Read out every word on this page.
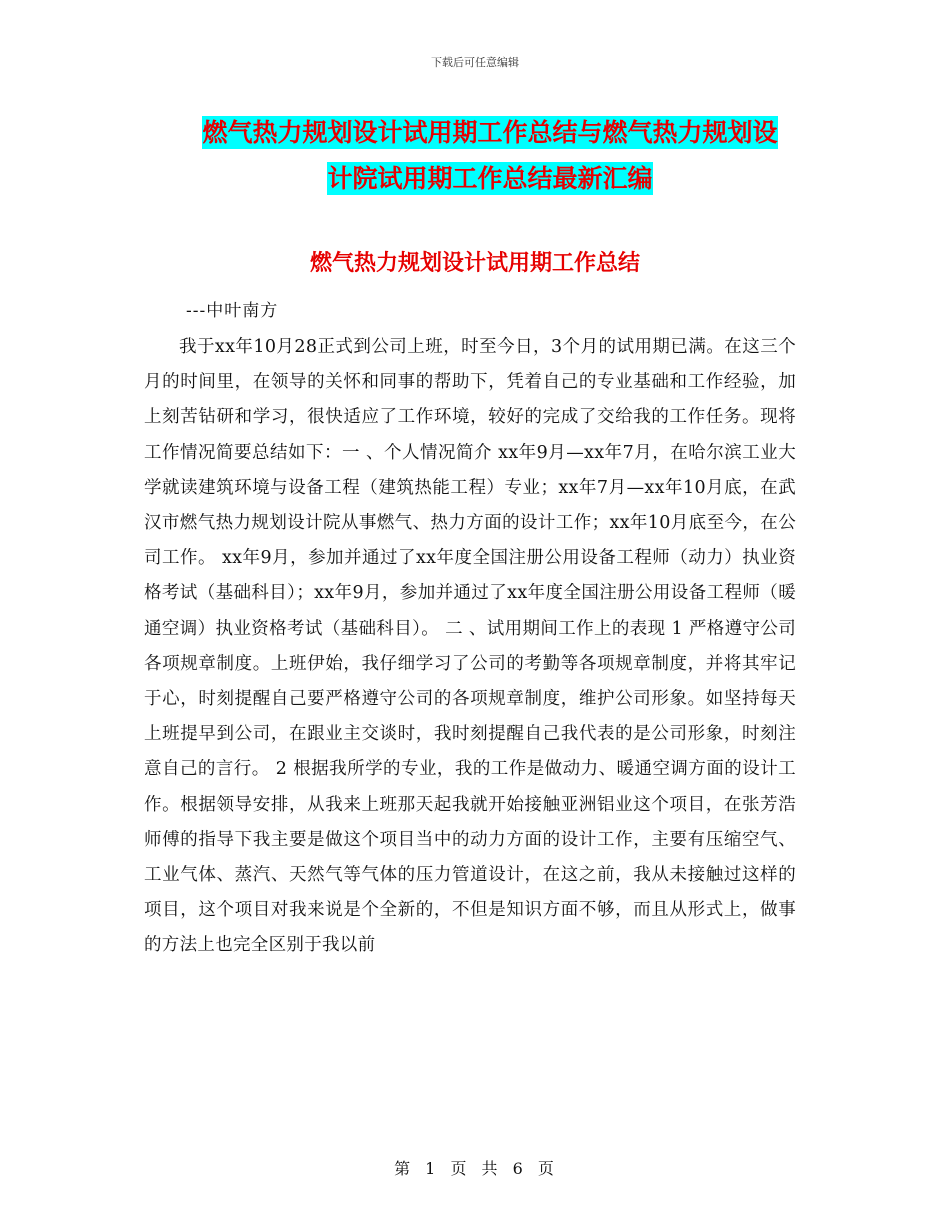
下载后可任意编辑
燃气热力规划设计试用期工作总结与燃气热力规划设
计院试用期工作总结最新汇编
燃气热力规划设计试用期工作总结
---中叶南方

我于xx年10月28正式到公司上班，时至今日，3个月的试用期已满。在这三个月的时间里，在领导的关怀和同事的帮助下，凭着自己的专业基础和工作经验，加上刻苦钻研和学习，很快适应了工作环境，较好的完成了交给我的工作任务。现将工作情况简要总结如下：一 、个人情况简介 xx年9月—xx年7月，在哈尔滨工业大学就读建筑环境与设备工程（建筑热能工程）专业；xx年7月—xx年10月底，在武汉市燃气热力规划设计院从事燃气、热力方面的设计工作；xx年10月底至今，在公司工作。 xx年9月，参加并通过了xx年度全国注册公用设备工程师（动力）执业资格考试（基础科目）；xx年9月，参加并通过了xx年度全国注册公用设备工程师（暖通空调）执业资格考试（基础科目）。 二 、试用期间工作上的表现 1 严格遵守公司各项规章制度。上班伊始，我仔细学习了公司的考勤等各项规章制度，并将其牢记于心，时刻提醒自己要严格遵守公司的各项规章制度，维护公司形象。如坚持每天上班提早到公司，在跟业主交谈时，我时刻提醒自己我代表的是公司形象，时刻注意自己的言行。 2 根据我所学的专业，我的工作是做动力、暖通空调方面的设计工作。根据领导安排，从我来上班那天起我就开始接触亚洲铝业这个项目，在张芳浩师傅的指导下我主要是做这个项目当中的动力方面的设计工作，主要有压缩空气、工业气体、蒸汽、天然气等气体的压力管道设计，在这之前，我从未接触过这样的项目，这个项目对我来说是个全新的，不但是知识方面不够，而且从形式上，做事的方法上也完全区别于我以前

第 1 页 共 6 页
